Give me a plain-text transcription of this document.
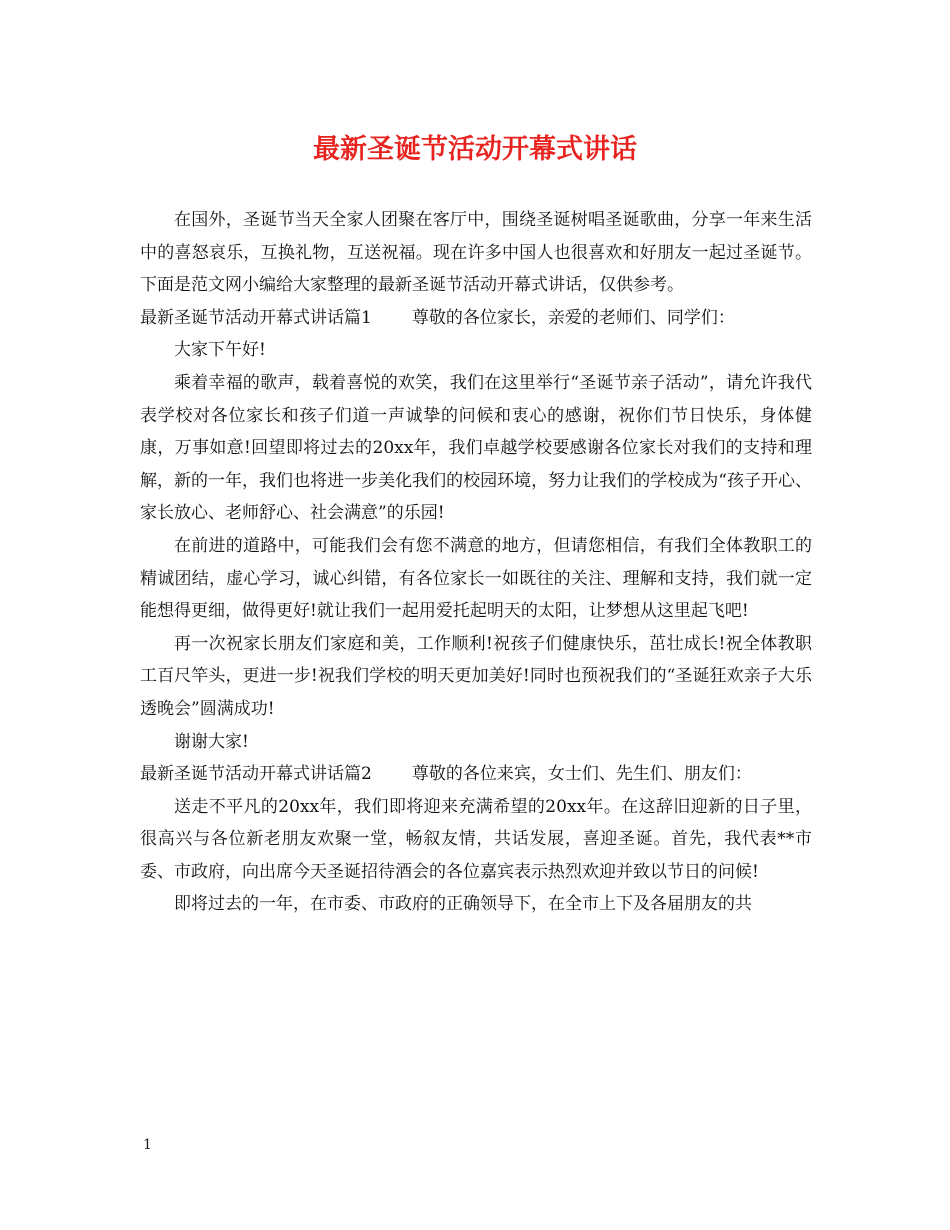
最新圣诞节活动开幕式讲话

在国外，圣诞节当天全家人团聚在客厅中，围绕圣诞树唱圣诞歌曲，分享一年来生活中的喜怒哀乐，互换礼物，互送祝福。现在许多中国人也很喜欢和好朋友一起过圣诞节。下面是范文网小编给大家整理的最新圣诞节活动开幕式讲话，仅供参考。

最新圣诞节活动开幕式讲话篇1 尊敬的各位家长，亲爱的老师们、同学们：

大家下午好!

乘着幸福的歌声，载着喜悦的欢笑，我们在这里举行“圣诞节亲子活动”，请允许我代表学校对各位家长和孩子们道一声诚挚的问候和衷心的感谢，祝你们节日快乐，身体健康，万事如意!回望即将过去的20xx年，我们卓越学校要感谢各位家长对我们的支持和理解，新的一年，我们也将进一步美化我们的校园环境，努力让我们的学校成为“孩子开心、家长放心、老师舒心、社会满意”的乐园!

在前进的道路中，可能我们会有您不满意的地方，但请您相信，有我们全体教职工的精诚团结，虚心学习，诚心纠错，有各位家长一如既往的关注、理解和支持，我们就一定能想得更细，做得更好!就让我们一起用爱托起明天的太阳，让梦想从这里起飞吧!

再一次祝家长朋友们家庭和美，工作顺利!祝孩子们健康快乐，茁壮成长!祝全体教职工百尺竿头，更进一步!祝我们学校的明天更加美好!同时也预祝我们的“圣诞狂欢亲子大乐透晚会”圆满成功!

谢谢大家!

最新圣诞节活动开幕式讲话篇2 尊敬的各位来宾，女士们、先生们、朋友们：

送走不平凡的20xx年，我们即将迎来充满希望的20xx年。在这辞旧迎新的日子里，很高兴与各位新老朋友欢聚一堂，畅叙友情，共话发展，喜迎圣诞。首先，我代表**市委、市政府，向出席今天圣诞招待酒会的各位嘉宾表示热烈欢迎并致以节日的问候!

即将过去的一年，在市委、市政府的正确领导下，在全市上下及各届朋友的共

1
